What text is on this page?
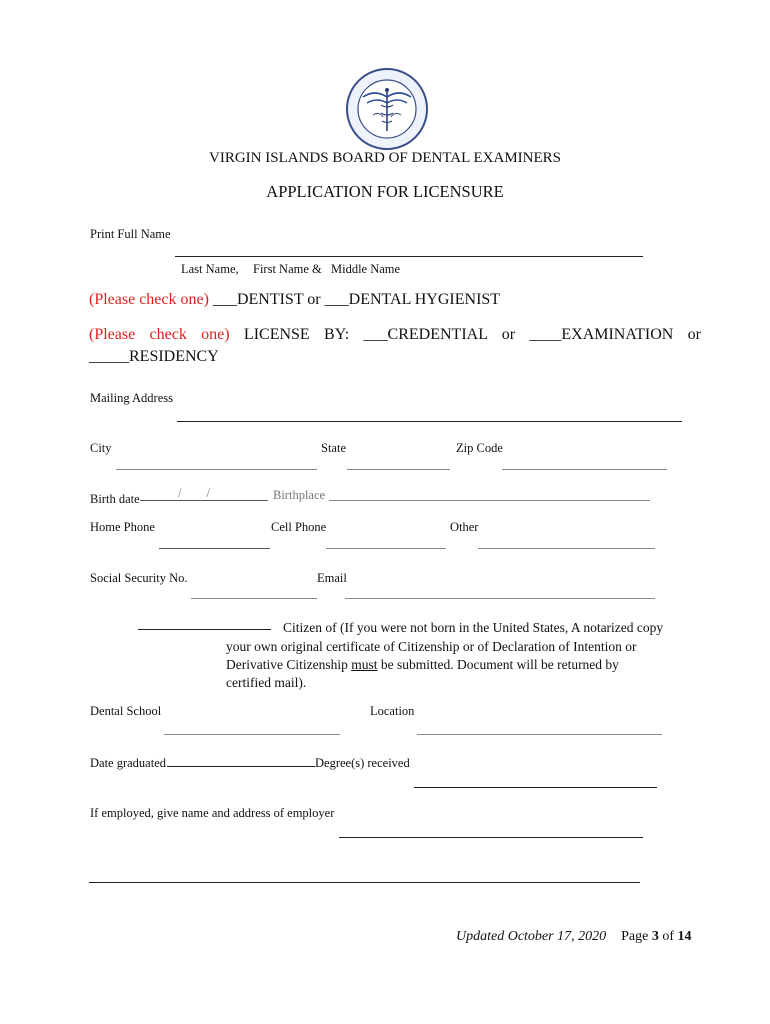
VIRGIN ISLANDS BOARD OF DENTAL EXAMINERS
APPLICATION FOR LICENSURE
Print Full Name
Last Name, First Name & Middle Name
(Please check one) ___DENTIST or ___DENTAL HYGIENIST
(Please check one) LICENSE BY: ___CREDENTIAL or ____EXAMINATION or
_____RESIDENCY
Mailing Address
City	State	Zip Code
Birth date	/        /	Birthplace
Home Phone	Cell Phone	Other
Social Security No.	Email
Citizen of (If you were not born in the United States, A notarized copy
your own original certificate of Citizenship or of Declaration of Intention or
Derivative Citizenship must be submitted. Document will be returned by
certified mail).
Dental School	Location
Date graduated	Degree(s) received
If employed, give name and address of employer
Updated October 17, 2020 Page 3 of 14
